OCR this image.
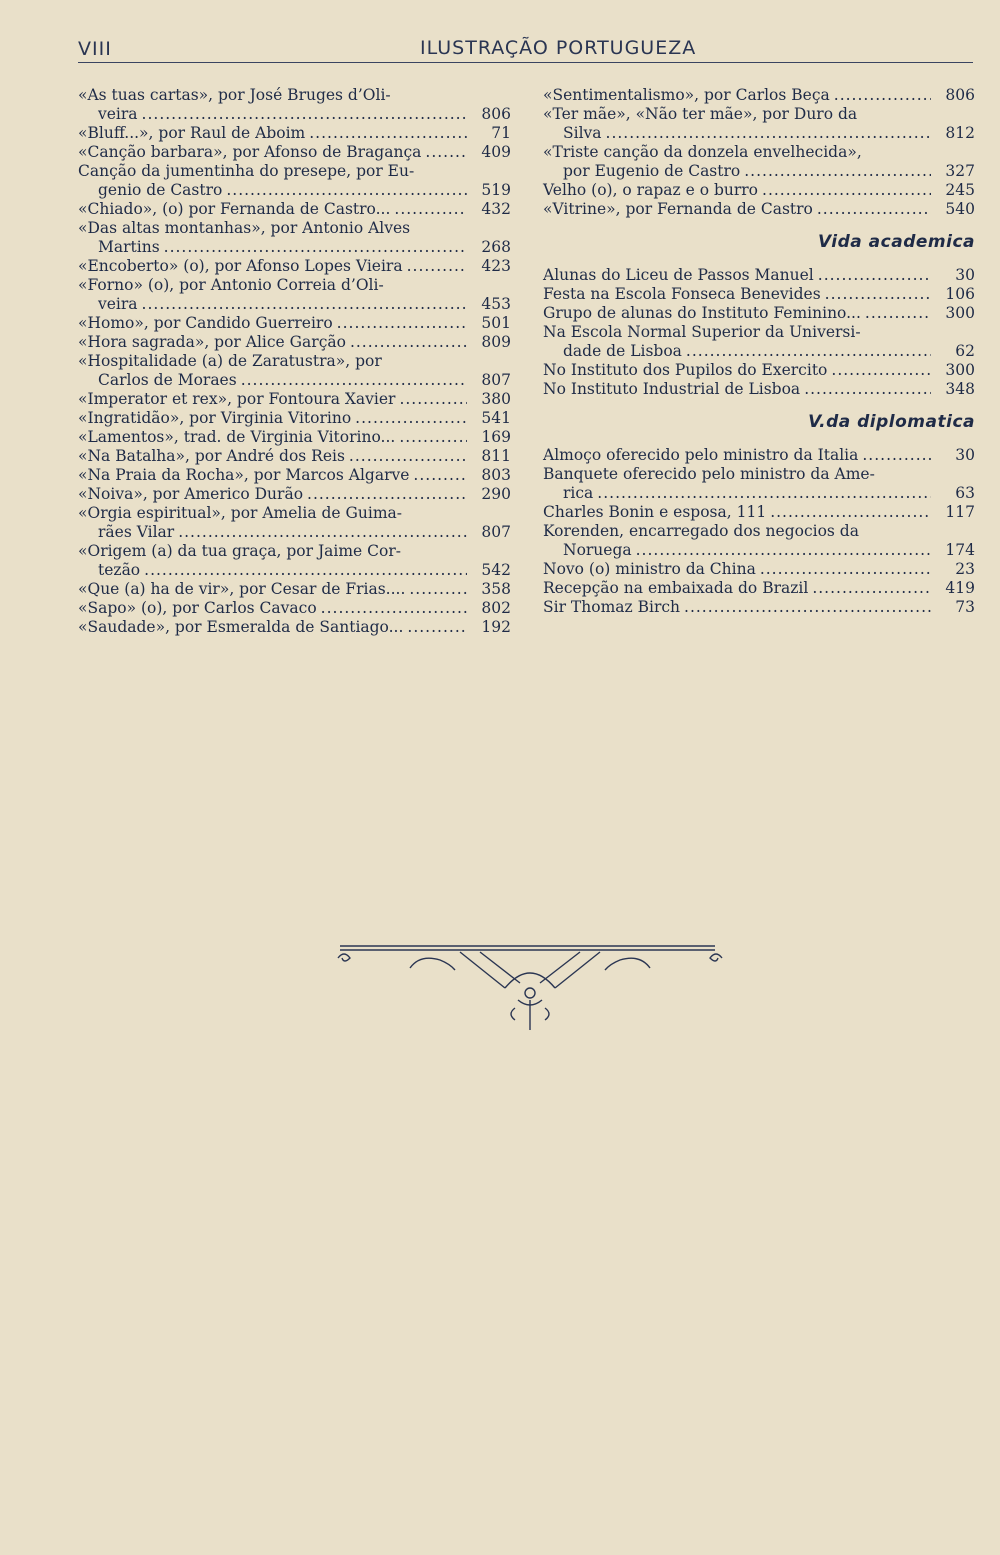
VIII	ILUSTRAÇÃO PORTUGUEZA
«As tuas cartas», por José Bruges d’Oli-
veira .....	806
«Bluff...», por Raul de Aboim .....	71
«Canção barbara», por Afonso de Bragança .....	409
Canção da jumentinha do presepe, por Eu-
genio de Castro .....	519
«Chiado», (o) por Fernanda de Castro... .....	432
«Das altas montanhas», por Antonio Alves
Martins .....	268
«Encoberto» (o), por Afonso Lopes Vieira .....	423
«Forno» (o), por Antonio Correia d’Oli-
veira .....	453
«Homo», por Candido Guerreiro .....	501
«Hora sagrada», por Alice Garção .....	809
«Hospitalidade (a) de Zaratustra», por
Carlos de Moraes .....	807
«Imperator et rex», por Fontoura Xavier .....	380
«Ingratidão», por Virginia Vitorino .....	541
«Lamentos», trad. de Virginia Vitorino... .....	169
«Na Batalha», por André dos Reis .....	811
«Na Praia da Rocha», por Marcos Algarve .....	803
«Noiva», por Americo Durão .....	290
«Orgia espiritual», por Amelia de Guima-
rães Vilar .....	807
«Origem (a) da tua graça, por Jaime Cor-
tezão .....	542
«Que (a) ha de vir», por Cesar de Frias.... .....	358
«Sapo» (o), por Carlos Cavaco .....	802
«Saudade», por Esmeralda de Santiago... .....	192
«Sentimentalismo», por Carlos Beça .....	806
«Ter mãe», «Não ter mãe», por Duro da
Silva .....	812
«Triste canção da donzela envelhecida»,
por Eugenio de Castro .....	327
Velho (o), o rapaz e o burro .....	245
«Vitrine», por Fernanda de Castro .....	540
Vida academica
Alunas do Liceu de Passos Manuel .....	30
Festa na Escola Fonseca Benevides .....	106
Grupo de alunas do Instituto Feminino... .....	300
Na Escola Normal Superior da Universi-
dade de Lisboa .....	62
No Instituto dos Pupilos do Exercito .....	300
No Instituto Industrial de Lisboa .....	348
V.da diplomatica
Almoço oferecido pelo ministro da Italia .....	30
Banquete oferecido pelo ministro da Ame-
rica .....	63
Charles Bonin e esposa, 111 .....	117
Korenden, encarregado dos negocios da
Noruega .....	174
Novo (o) ministro da China .....	23
Recepção na embaixada do Brazil .....	419
Sir Thomaz Birch .....	73
